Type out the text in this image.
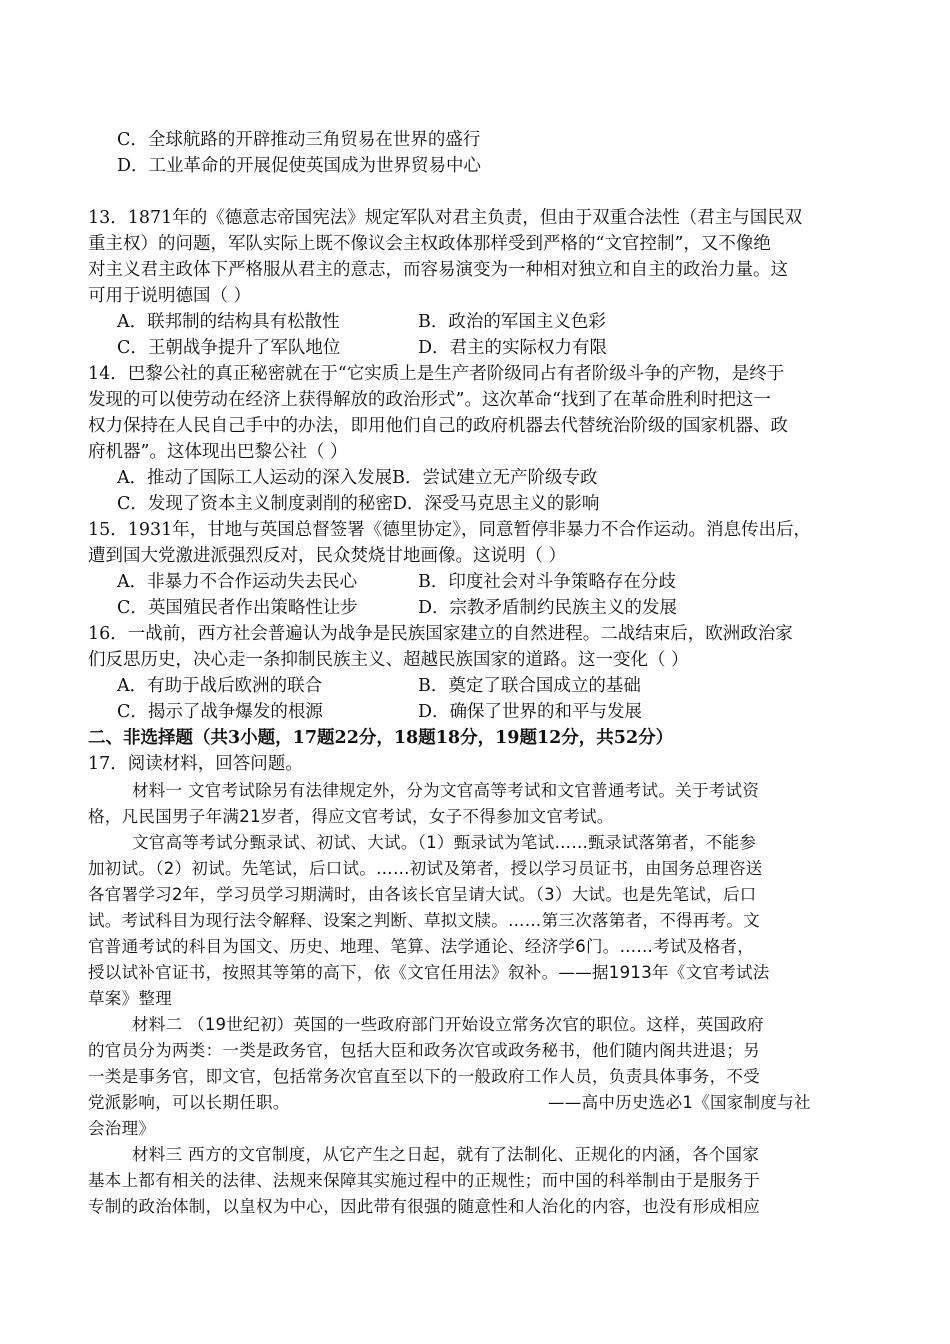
C．全球航路的开辟推动三角贸易在世界的盛行
D．工业革命的开展促使英国成为世界贸易中心
13．1871年的《德意志帝国宪法》规定军队对君主负责，但由于双重合法性（君主与国民双
重主权）的问题，军队实际上既不像议会主权政体那样受到严格的“文官控制”，又不像绝
对主义君主政体下严格服从君主的意志，而容易演变为一种相对独立和自主的政治力量。这
可用于说明德国（ ）
A．联邦制的结构具有松散性	B．政治的军国主义色彩
C．王朝战争提升了军队地位	D．君主的实际权力有限
14．巴黎公社的真正秘密就在于“它实质上是生产者阶级同占有者阶级斗争的产物，是终于
发现的可以使劳动在经济上获得解放的政治形式”。这次革命“找到了在革命胜利时把这一
权力保持在人民自己手中的办法，即用他们自己的政府机器去代替统治阶级的国家机器、政
府机器”。这体现出巴黎公社（ ）
A．推动了国际工人运动的深入发展B．尝试建立无产阶级专政
C．发现了资本主义制度剥削的秘密D．深受马克思主义的影响
15．1931年，甘地与英国总督签署《德里协定》，同意暂停非暴力不合作运动。消息传出后，
遭到国大党激进派强烈反对，民众焚烧甘地画像。这说明（ ）
A．非暴力不合作运动失去民心	B．印度社会对斗争策略存在分歧
C．英国殖民者作出策略性让步	D．宗教矛盾制约民族主义的发展
16．一战前，西方社会普遍认为战争是民族国家建立的自然进程。二战结束后，欧洲政治家
们反思历史，决心走一条抑制民族主义、超越民族国家的道路。这一变化（ ）
A．有助于战后欧洲的联合	B．奠定了联合国成立的基础
C．揭示了战争爆发的根源	D．确保了世界的和平与发展
二、非选择题（共3小题，17题22分，18题18分，19题12分，共52分）
17．阅读材料，回答问题。
材料一 文官考试除另有法律规定外，分为文官高等考试和文官普通考试。关于考试资
格，凡民国男子年满21岁者，得应文官考试，女子不得参加文官考试。
文官高等考试分甄录试、初试、大试。（1）甄录试为笔试……甄录试落第者，不能参
加初试。（2）初试。先笔试，后口试。……初试及第者，授以学习员证书，由国务总理咨送
各官署学习2年，学习员学习期满时，由各该长官呈请大试。（3）大试。也是先笔试，后口
试。考试科目为现行法令解释、设案之判断、草拟文牍。……第三次落第者，不得再考。文
官普通考试的科目为国文、历史、地理、笔算、法学通论、经济学6门。……考试及格者，
授以试补官证书，按照其等第的高下，依《文官任用法》叙补。——据1913年《文官考试法
草案》整理
材料二 （19世纪初）英国的一些政府部门开始设立常务次官的职位。这样，英国政府
的官员分为两类：一类是政务官，包括大臣和政务次官或政务秘书，他们随内阁共进退；另
一类是事务官，即文官，包括常务次官直至以下的一般政府工作人员，负责具体事务，不受
党派影响，可以长期任职。	——高中历史选必1《国家制度与社
会治理》
材料三 西方的文官制度，从它产生之日起，就有了法制化、正规化的内涵，各个国家
基本上都有相关的法律、法规来保障其实施过程中的正规性；而中国的科举制由于是服务于
专制的政治体制，以皇权为中心，因此带有很强的随意性和人治化的内容，也没有形成相应
